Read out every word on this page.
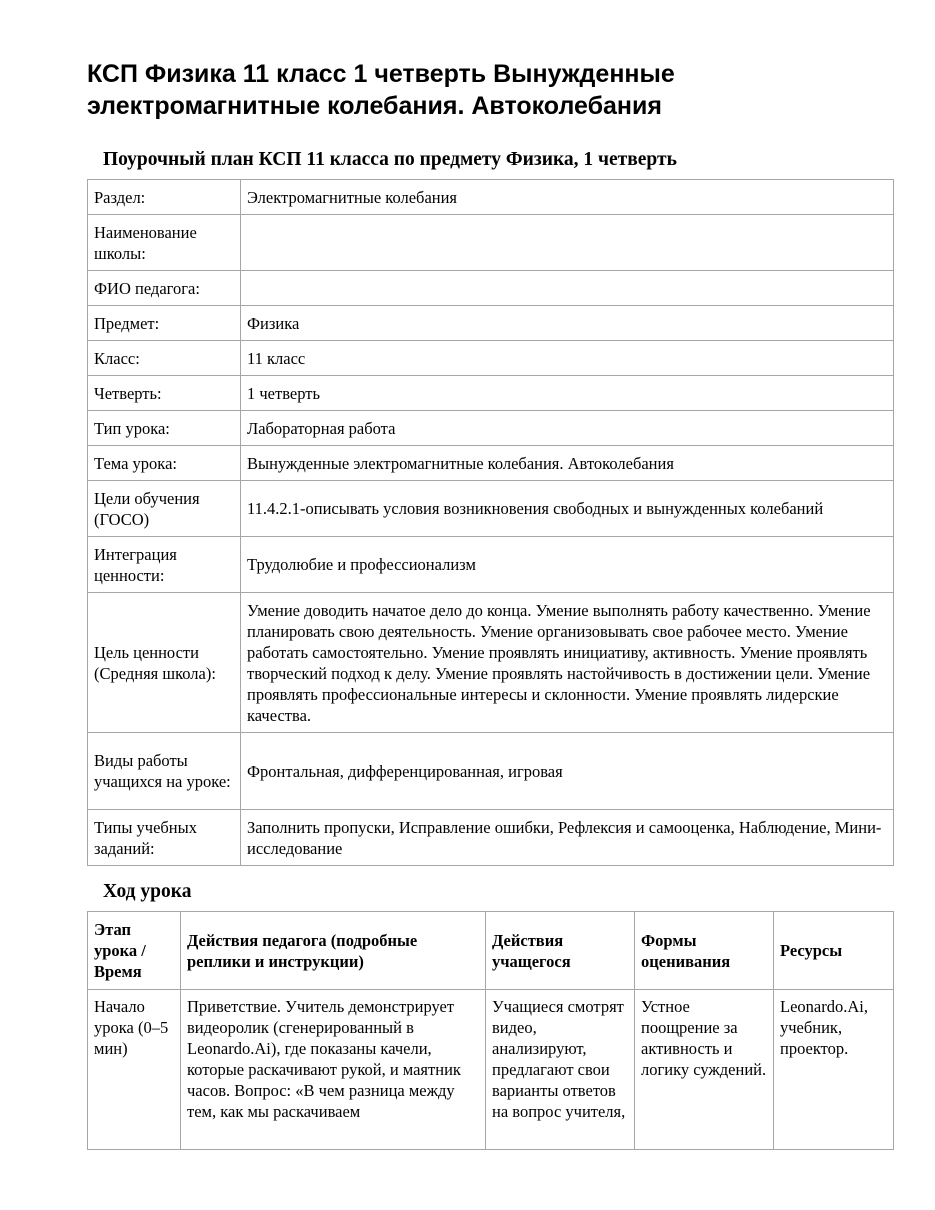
КСП Физика 11 класс 1 четверть Вынужденные электромагнитные колебания. Автоколебания
Поурочный план КСП 11 класса по предмету Физика, 1 четверть
Раздел:	Электромагнитные колебания
Наименование школы:	
ФИО педагога:	
Предмет:	Физика
Класс:	11 класс
Четверть:	1 четверть
Тип урока:	Лабораторная работа
Тема урока:	Вынужденные электромагнитные колебания. Автоколебания
Цели обучения (ГОСО)	11.4.2.1-описывать условия возникновения свободных и вынужденных колебаний
Интеграция ценности:	Трудолюбие и профессионализм
Цель ценности (Средняя школа):	Умение доводить начатое дело до конца. Умение выполнять работу качественно. Умение планировать свою деятельность. Умение организовывать свое рабочее место. Умение работать самостоятельно. Умение проявлять инициативу, активность. Умение проявлять творческий подход к делу. Умение проявлять настойчивость в достижении цели. Умение проявлять профессиональные интересы и склонности. Умение проявлять лидерские качества.
Виды работы учащихся на уроке:	Фронтальная, дифференцированная, игровая
Типы учебных заданий:	Заполнить пропуски, Исправление ошибки, Рефлексия и самооценка, Наблюдение, Мини-исследование
Ход урока
Этап урока / Время	Действия педагога (подробные реплики и инструкции)	Действия учащегося	Формы оценивания	Ресурсы

Начало урока (0–5 мин)	Приветствие. Учитель демонстрирует видеоролик (сгенерированный в Leonardo.Ai), где показаны качели, которые раскачивают рукой, и маятник часов. Вопрос: «В чем разница между тем, как мы раскачиваем	Учащиеся смотрят видео, анализируют, предлагают свои варианты ответов на вопрос учителя,	Устное поощрение за активность и логику суждений.	Leonardo.Ai, учебник, проектор.
